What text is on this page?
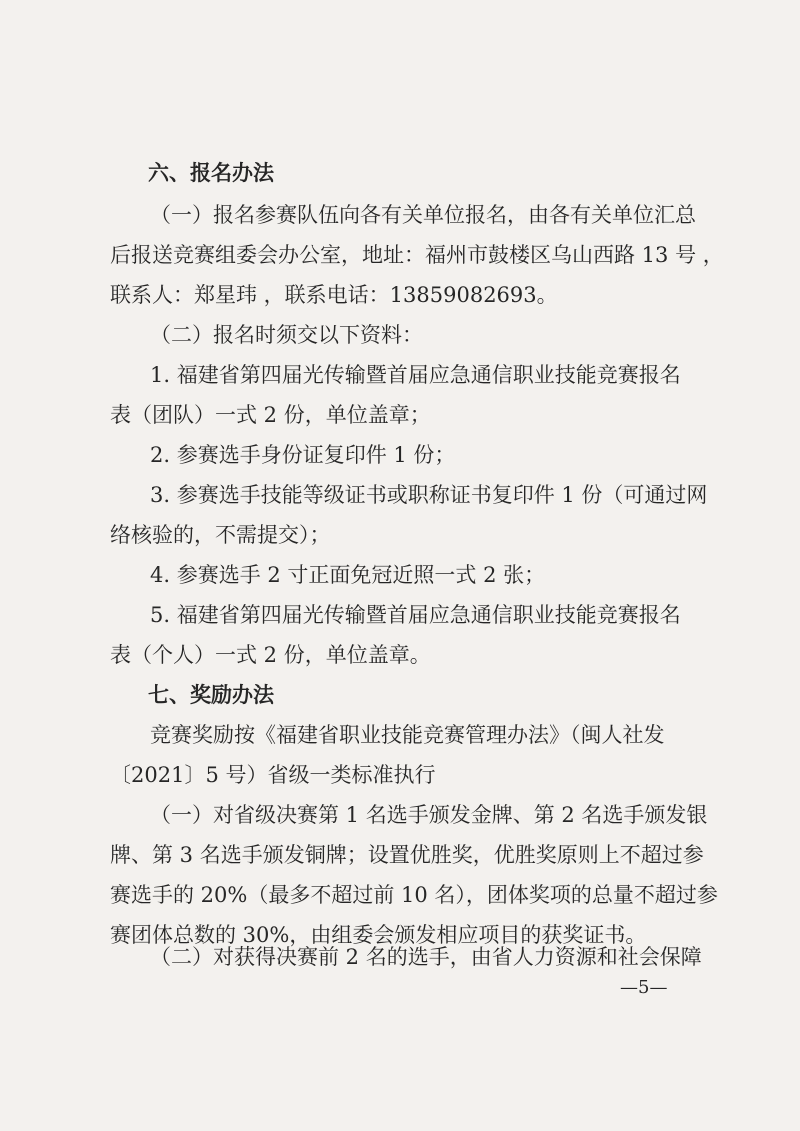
六、报名办法
（一）报名参赛队伍向各有关单位报名，由各有关单位汇总
后报送竞赛组委会办公室，地址：福州市鼓楼区乌山西路 13 号 ，
联系人：郑星玮 ，联系电话：13859082693。
（二）报名时须交以下资料：
1. 福建省第四届光传输暨首届应急通信职业技能竞赛报名
表（团队）一式 2 份，单位盖章；
2. 参赛选手身份证复印件 1 份；
3. 参赛选手技能等级证书或职称证书复印件 1 份（可通过网
络核验的，不需提交）；
4. 参赛选手 2 寸正面免冠近照一式 2 张；
5. 福建省第四届光传输暨首届应急通信职业技能竞赛报名
表（个人）一式 2 份，单位盖章。
七、奖励办法
竞赛奖励按《福建省职业技能竞赛管理办法》（闽人社发
〔2021〕5 号）省级一类标准执行
（一）对省级决赛第 1 名选手颁发金牌、第 2 名选手颁发银
牌、第 3 名选手颁发铜牌；设置优胜奖，优胜奖原则上不超过参
赛选手的 20%（最多不超过前 10 名），团体奖项的总量不超过参
赛团体总数的 30%，由组委会颁发相应项目的获奖证书。
（二）对获得决赛前 2 名的选手，由省人力资源和社会保障
—5—
